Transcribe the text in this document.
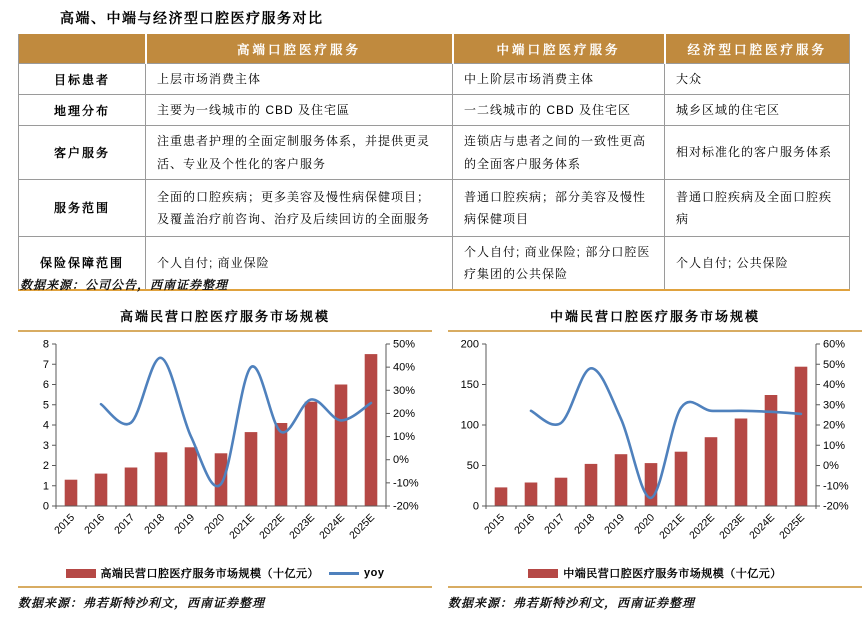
高端、中端与经济型口腔医疗服务对比
	高端口腔医疗服务	中端口腔医疗服务	经济型口腔医疗服务
目标患者	上层市场消费主体	中上阶层市场消费主体	大众
地理分布	主要为一线城市的 CBD 及住宅區	一二线城市的 CBD 及住宅区	城乡区域的住宅区
客户服务	注重患者护理的全面定制服务体系，并提供更灵活、专业及个性化的客户服务	连锁店与患者之间的一致性更高的全面客户服务体系	相对标准化的客户服务体系
服务范围	全面的口腔疾病；更多美容及慢性病保健项目；及覆盖治疗前咨询、治疗及后续回访的全面服务	普通口腔疾病；部分美容及慢性病保健项目	普通口腔疾病及全面口腔疾病
保险保障范围	个人自付; 商业保险	个人自付; 商业保险; 部分口腔医疗集团的公共保险	个人自付; 公共保险
数据来源：公司公告，西南证券整理
高端民营口腔医疗服务市场规模
0
1
2
3
4
5
6
7
8
-20%
-10%
0%
10%
20%
30%
40%
50%
2015 2016 2017 2018 2019 2020 2021E 2022E 2023E 2024E 2025E
高端民营口腔医疗服务市场规模（十亿元）	yoy
数据来源：弗若斯特沙利文，西南证券整理
中端民营口腔医疗服务市场规模
0
50
100
150
200
-20%
-10%
0%
10%
20%
30%
40%
50%
60%
2015 2016 2017 2018 2019 2020 2021E 2022E 2023E 2024E 2025E
中端民营口腔医疗服务市场规模（十亿元）
数据来源：弗若斯特沙利文，西南证券整理
